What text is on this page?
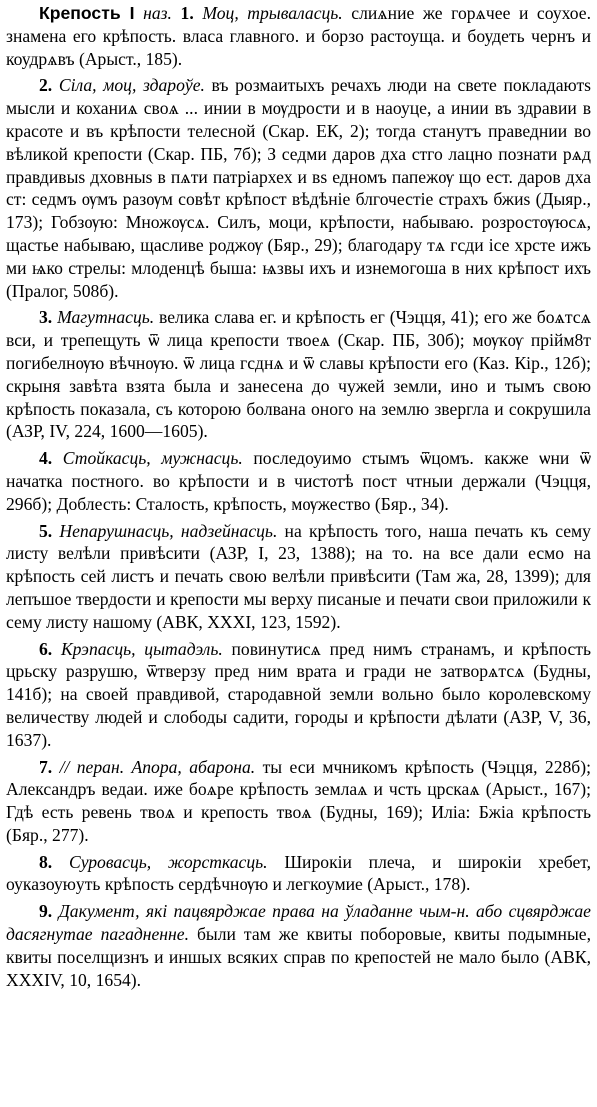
Крепость I наз. 1. Моц, трываласць. слиѧние же горѧчее и соухое. знамена его крѣпость. власа главного. и борзо растоуща. и боудеть чернъ и коудрѧвъ (Арыст., 185).

2. Сіла, моц, здароўе. въ розмаитыхъ речахъ люди на свете покладаютѕ мысли и коханиѧ своѧ ... инии в мѹдрости и в наоуце, а инии въ здравии в красоте и въ крѣпости телесной (Скар. ЕК, 2); тогда станутъ праведнии во вѣликой крепости (Скар. ПБ, 7б); З седми даров дха стго лацно познати рѧд правдивыѕ дховныѕ в пѧти патріархех и вѕ едномъ папежѹ що ест. даров дха ст: седмъ ѹмъ разѹм совѣт крѣпост вѣдѣніе блгочестіе страхъ бжиѕ (Дыяр., 173); Гобзѹю: Множѹсѧ. Силъ, моци, крѣпости, набываю. розростѹюсѧ, щастье набываю, щасливе роджѹ (Бяр., 29); благодару тѧ гсди ісе хрсте ижъ ми ѩко стрелы: млоденцѣ быша: ѩзвы ихъ и изнемогоша в них крѣпост ихъ (Пралог, 508б).

3. Магутнасць. велика слава ег. и крѣпость ег (Чэцця, 41); его же боѧтсѧ вси, и трепещуть ѿ лица крепости твоеѧ (Скар. ПБ, 30б); мѹкѹ прійм8т погибелнѹю вѣчнѹю. ѿ лица гсднѧ и ѿ славы крѣпости его (Каз. Кір., 12б); скрыня завѣта взята была и занесена до чужей земли, ино и тымъ свою крѣпость показала, съ которою болвана оного на землю звергла и сокрушила (АЗР, IV, 224, 1600—1605).

4. Стойкасць, мужнасць. последоуимо стымъ ѿцомъ. какже ѡни ѿ начатка постного. во крѣпости и в чистотѣ пост чтныи держали (Чэцця, 296б); Доблесть: Сталость, крѣпость, мѹжество (Бяр., 34).

5. Непарушнасць, надзейнасць. на крѣпость того, наша печать къ сему листу велѣли привѣсити (АЗР, I, 23, 1388); на то. на все дали есмо на крѣпость сей листъ и печать свою велѣли привѣсити (Там жа, 28, 1399); для лепъшое твердости и крепости мы верху писаные и печати свои приложили к сему листу нашому (АВК, XXXI, 123, 1592).

6. Крэпасць, цытадэль. повинутисѧ пред нимъ странамъ, и крѣпость црьску разрушю, ѿтверзу пред ним врата и гради не затворѧтсѧ (Будны, 141б); на своей правдивой, стародавной земли вольно было королевскому величеству людей и слободы садити, городы и крѣпости дѣлати (АЗР, V, 36, 1637).

7. // перан. Апора, абарона. ты еси мчникомъ крѣпость (Чэцця, 228б); Александръ ведаи. иже боѧре крѣпость землаѧ и чсть црскаѧ (Арыст., 167); Гдѣ есть ревень твоѧ и крепость твоѧ (Будны, 169); Иліа: Бжіа крѣпость (Бяр., 277).

8. Суровасць, жорсткасць. Широкіи плеча, и широкіи хребет, оуказоуюуть крѣпость сердѣчнѹю и легкоумие (Арыст., 178).

9. Дакумент, які пацвярджае права на ўладанне чым-н. або сцвярджае дасягнутае пагадненне. были там же квиты поборовые, квиты подымные, квиты поселщизнъ и иншых всяких справ по крепостей не мало было (АВК, XXXIV, 10, 1654).
